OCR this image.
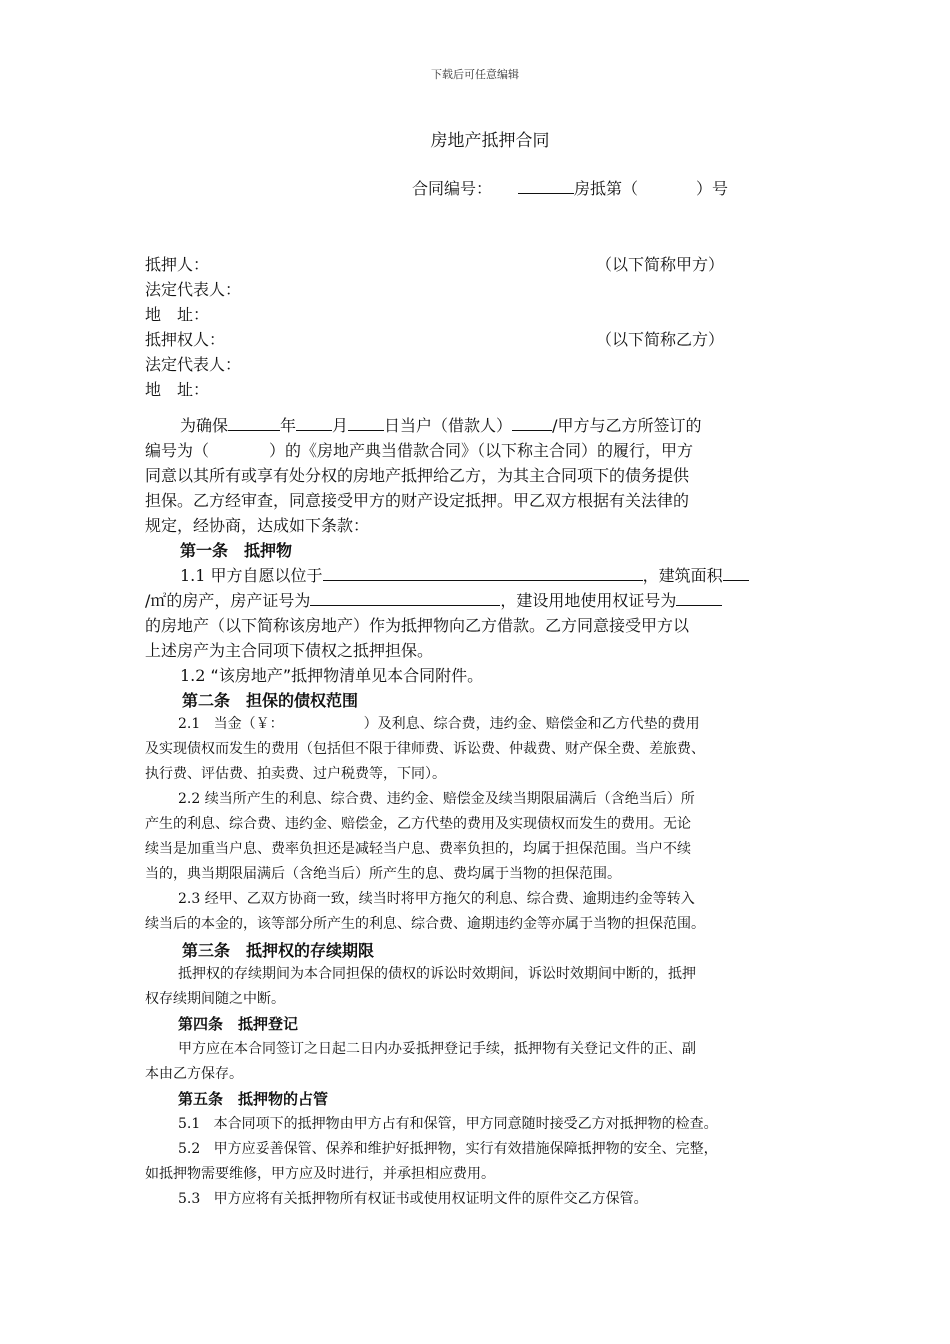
下载后可任意编辑
房地产抵押合同
合同编号：	房抵第（	）号
抵押人：	（以下简称甲方）
法定代表人：
地　址：
抵押权人：	（以下简称乙方）
法定代表人：
地　址：
为确保	年 月 日当户（借款人）	/甲方与乙方所签订的
编号为（	）的《房地产典当借款合同》（以下称主合同）的履行，甲方
同意以其所有或享有处分权的房地产抵押给乙方，为其主合同项下的债务提供
担保。乙方经审查，同意接受甲方的财产设定抵押。甲乙双方根据有关法律的
规定，经协商，达成如下条款：
第一条　抵押物
1.1 甲方自愿以位于	，建筑面积
/㎡的房产，房产证号为	，建设用地使用权证号为
的房地产（以下简称该房地产）作为抵押物向乙方借款。乙方同意接受甲方以
上述房产为主合同项下债权之抵押担保。
1.2 “该房地产”抵押物清单见本合同附件。
第二条　担保的债权范围
2.1 当金（￥：	）及利息、综合费，违约金、赔偿金和乙方代垫的费用
及实现债权而发生的费用（包括但不限于律师费、诉讼费、仲裁费、财产保全费、差旅费、
执行费、评估费、拍卖费、过户税费等，下同）。
2.2 续当所产生的利息、综合费、违约金、赔偿金及续当期限届满后（含绝当后）所
产生的利息、综合费、违约金、赔偿金，乙方代垫的费用及实现债权而发生的费用。无论
续当是加重当户息、费率负担还是减轻当户息、费率负担的，均属于担保范围。当户不续
当的，典当期限届满后（含绝当后）所产生的息、费均属于当物的担保范围。
2.3 经甲、乙双方协商一致，续当时将甲方拖欠的利息、综合费、逾期违约金等转入
续当后的本金的，该等部分所产生的利息、综合费、逾期违约金等亦属于当物的担保范围。
第三条　抵押权的存续期限
抵押权的存续期间为本合同担保的债权的诉讼时效期间，诉讼时效期间中断的，抵押
权存续期间随之中断。
第四条　抵押登记
甲方应在本合同签订之日起二日内办妥抵押登记手续，抵押物有关登记文件的正、副
本由乙方保存。
第五条　抵押物的占管
5.1 本合同项下的抵押物由甲方占有和保管，甲方同意随时接受乙方对抵押物的检查。
5.2 甲方应妥善保管、保养和维护好抵押物，实行有效措施保障抵押物的安全、完整，
如抵押物需要维修，甲方应及时进行，并承担相应费用。
5.3 甲方应将有关抵押物所有权证书或使用权证明文件的原件交乙方保管。
